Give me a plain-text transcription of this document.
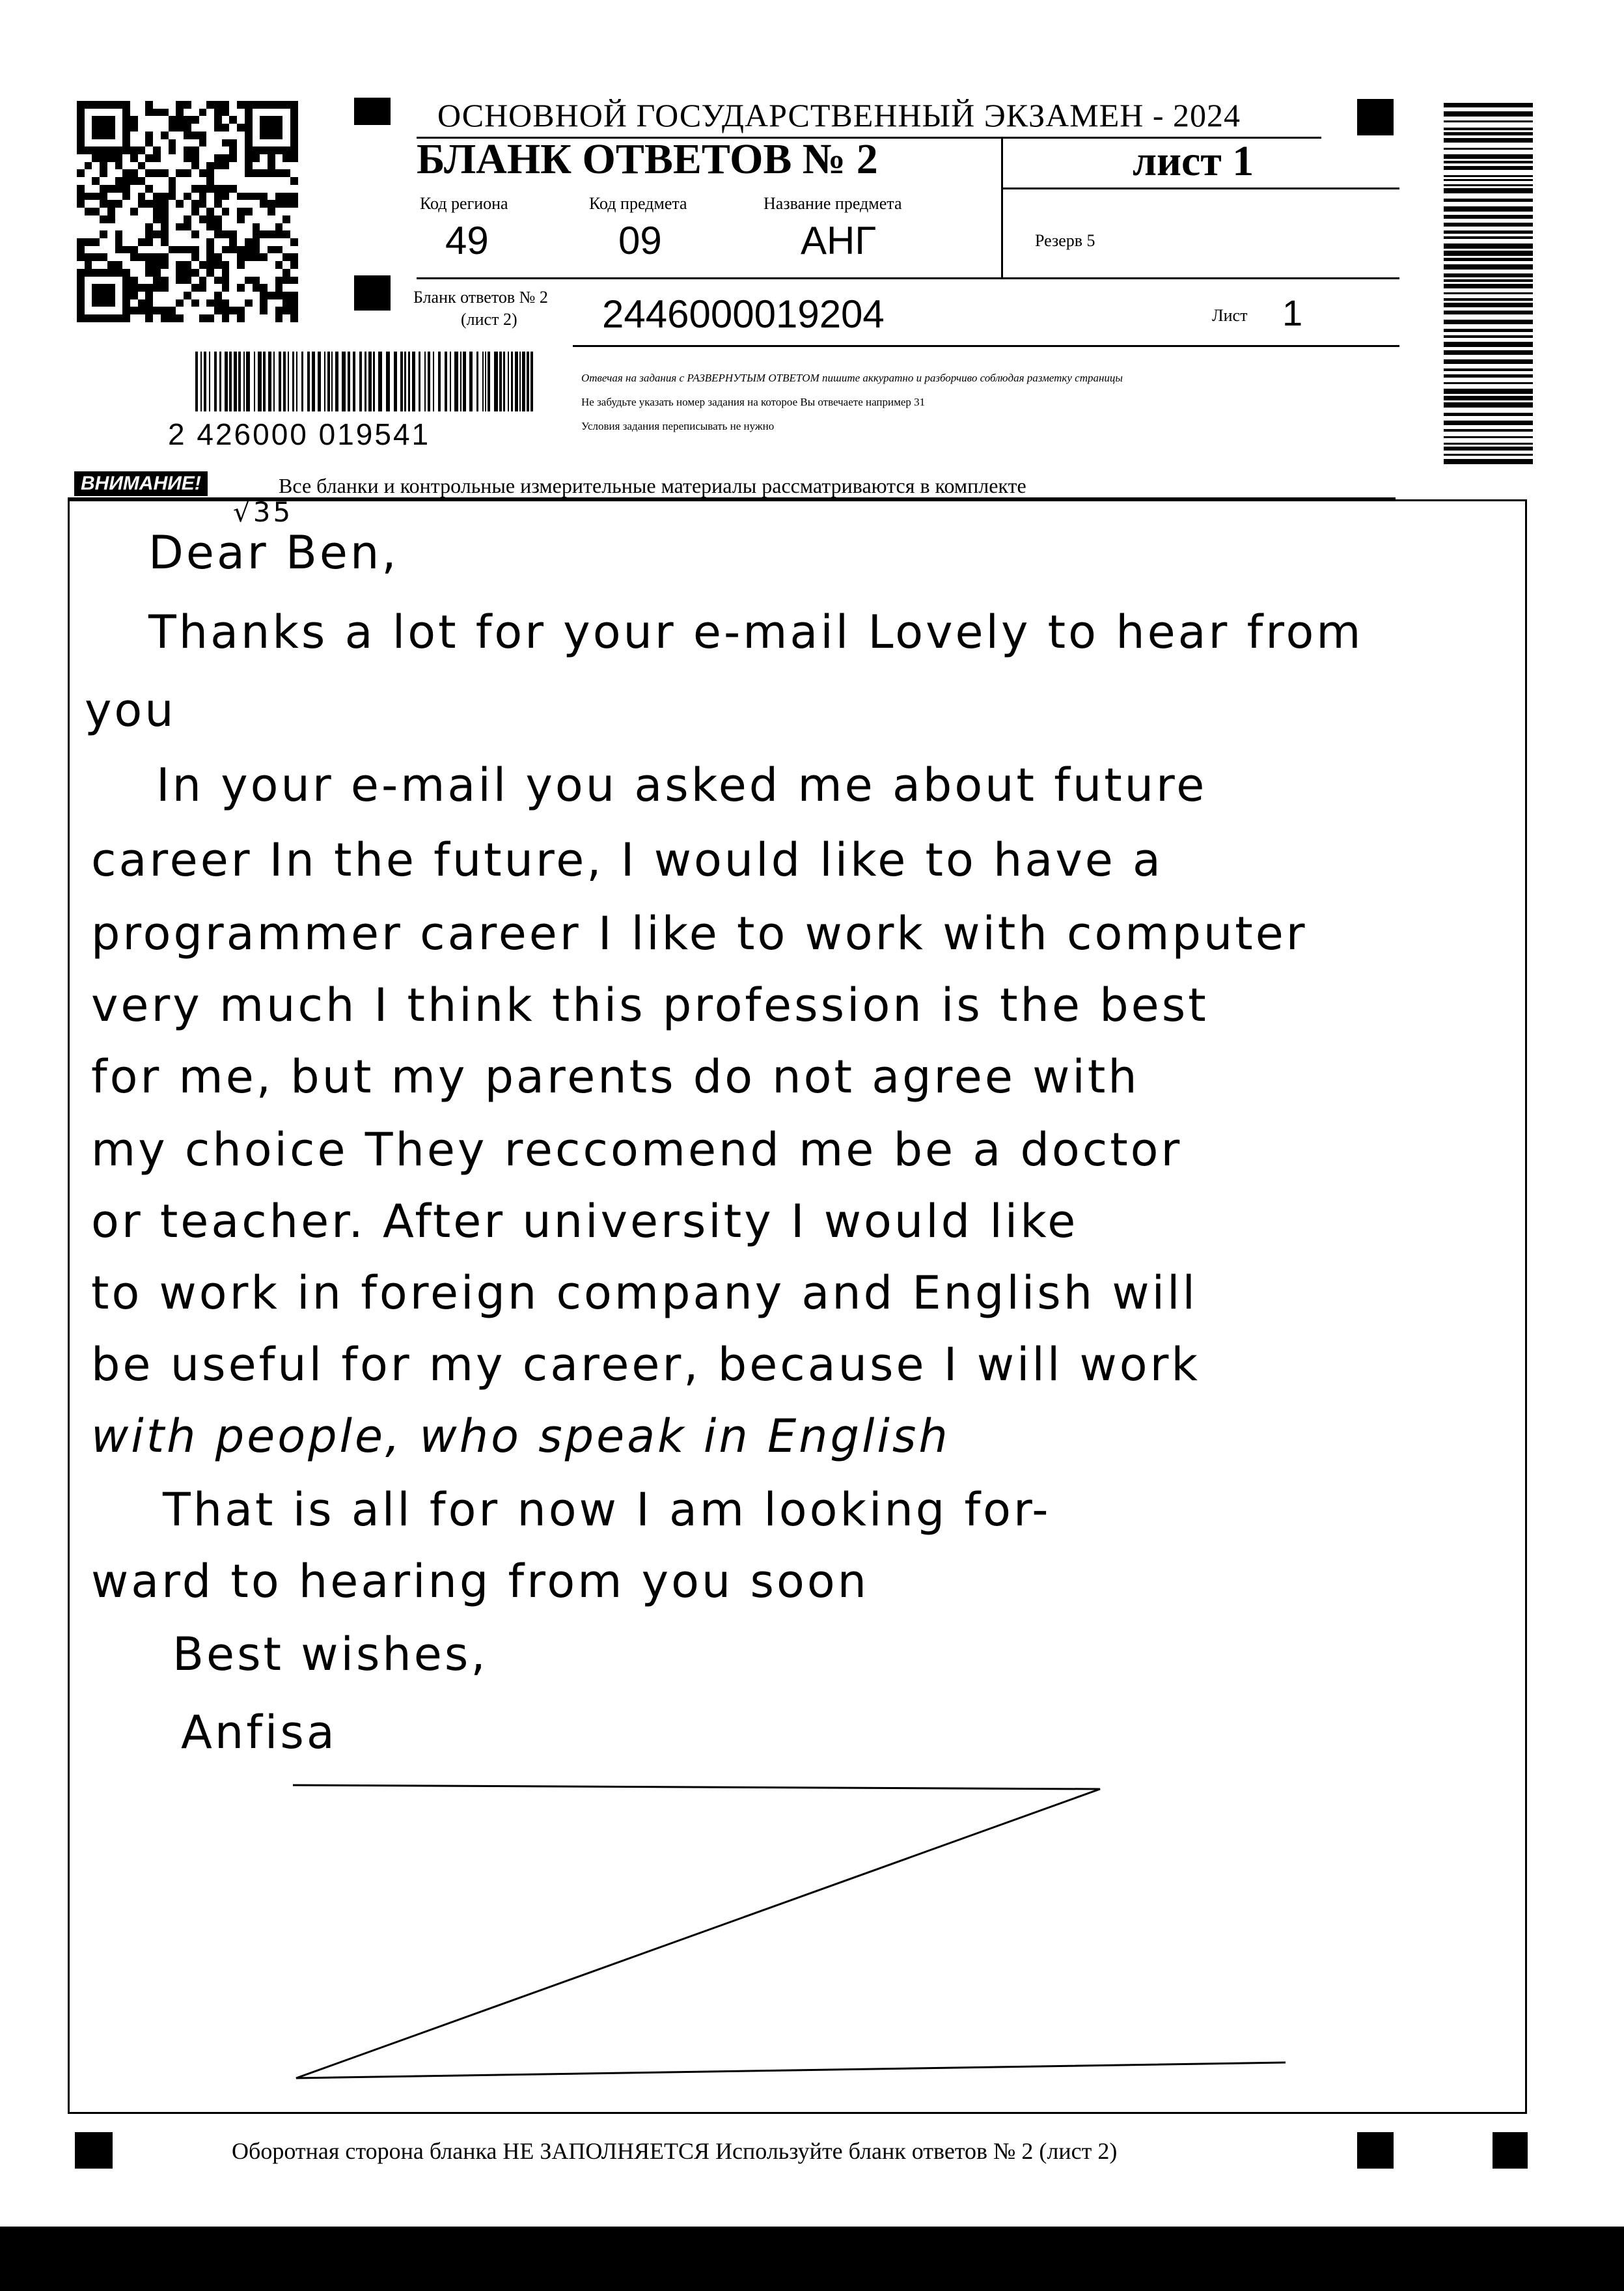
ОСНОВНОЙ ГОСУДАРСТВЕННЫЙ ЭКЗАМЕН - 2024
БЛАНК ОТВЕТОВ № 2	лист 1
Код региона
49
Код предмета
09
Название предмета
АНГ	Резерв 5
Бланк ответов № 2
(лист 2) 2446000019204	Лист 1
2 426000 019541
Отвечая на задания с РАЗВЕРНУТЫМ ОТВЕТОМ пишите аккуратно и разборчиво соблюдая разметку страницы
Не забудьте указать номер задания на которое Вы отвечаете например 31
Условия задания переписывать не нужно
ВНИМАНИЕ!	Все бланки и контрольные измерительные материалы рассматриваются в комплекте
√35
Dear Ben,
Thanks a lot for your e-mail Lovely to hear from
you
In your e-mail you asked me about future
career In the future, I would like to have a
programmer career I like to work with computer
very much I think this profession is the best
for me, but my parents do not agree with
my choice They reccomend me be a doctor
or teacher. After university I would like
to work in foreign company and English will
be useful for my career, because I will work
with people, who speak in English
That is all for now I am looking for-
ward to hearing from you soon
Best wishes,
Anfisa
Оборотная сторона бланка НЕ ЗАПОЛНЯЕТСЯ Используйте бланк ответов № 2 (лист 2)
